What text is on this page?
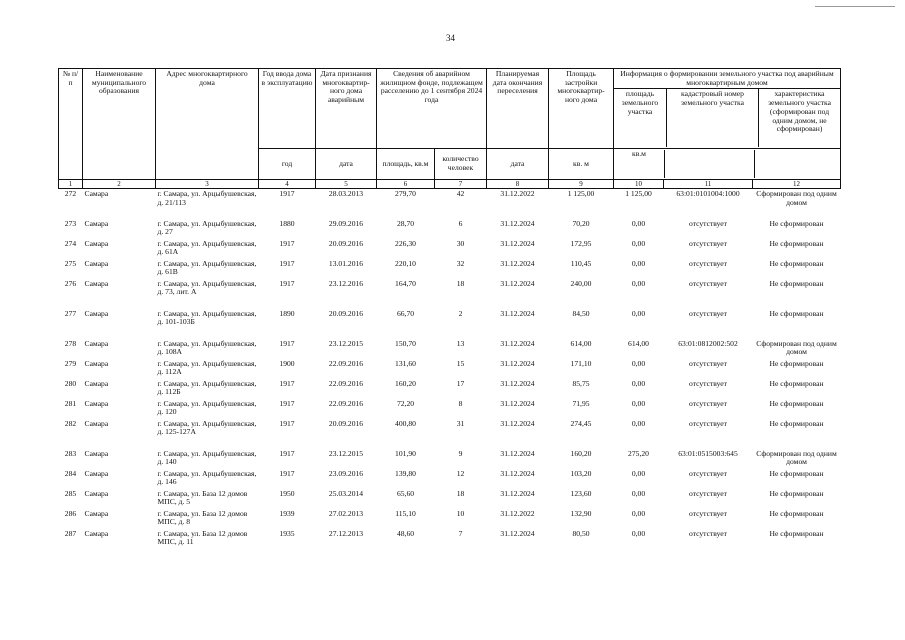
34
№ п/п	Наименование муниципального образования	Адрес многоквартирного дома	Год ввода дома в эксплуатацию	Дата признания многоквартир-ного дома аварийным	Сведения об аварийном жилищном фонде, подлежащем расселению до 1 сентября 2024 года		Планируемая дата окончания переселения	Площадь застройки многоквартир-ного дома	Информация о формировании земельного участка под аварийным многоквартирным домом
площадь земельного участка
кадастровый номер земельного участка
характеристика земельного участка (сформирован под одним домом, не сформирован)		

			год	дата	площадь, кв.м	количество человек	дата	кв. м	кв.м		

1	2	3	4	5	6	7	8	9	10	11	12
272	Самара	г. Самара, ул. Арцыбушевская, д. 21/113	1917	28.03.2013	279,70	42	31.12.2022	1 125,00	1 125,00	63:01:0101004:1000	Сформирован под одним домом
273	Самара	г. Самара, ул. Арцыбушевская, д. 27	1880	29.09.2016	28,70	6	31.12.2024	70,20	0,00	отсутствует	Не сформирован
274	Самара	г. Самара, ул. Арцыбушевская, д. 61А	1917	20.09.2016	226,30	30	31.12.2024	172,95	0,00	отсутствует	Не сформирован
275	Самара	г. Самара, ул. Арцыбушевская, д. 61В	1917	13.01.2016	220,10	32	31.12.2024	110,45	0,00	отсутствует	Не сформирован
276	Самара	г. Самара, ул. Арцыбушевская, д. 73, лит. А	1917	23.12.2016	164,70	18	31.12.2024	240,00	0,00	отсутствует	Не сформирован
277	Самара	г. Самара, ул. Арцыбушевская, д. 101-103Б	1890	20.09.2016	66,70	2	31.12.2024	84,50	0,00	отсутствует	Не сформирован
278	Самара	г. Самара, ул. Арцыбушевская, д. 108А	1917	23.12.2015	150,70	13	31.12.2024	614,00	614,00	63:01:0812002:502	Сформирован под одним домом
279	Самара	г. Самара, ул. Арцыбушевская, д. 112А	1900	22.09.2016	131,60	15	31.12.2024	171,10	0,00	отсутствует	Не сформирован
280	Самара	г. Самара, ул. Арцыбушевская, д. 112Б	1917	22.09.2016	160,20	17	31.12.2024	85,75	0,00	отсутствует	Не сформирован
281	Самара	г. Самара, ул. Арцыбушевская, д. 120	1917	22.09.2016	72,20	8	31.12.2024	71,95	0,00	отсутствует	Не сформирован
282	Самара	г. Самара, ул. Арцыбушевская, д. 125-127А	1917	20.09.2016	400,80	31	31.12.2024	274,45	0,00	отсутствует	Не сформирован
283	Самара	г. Самара, ул. Арцыбушевская, д. 140	1917	23.12.2015	101,90	9	31.12.2024	160,20	275,20	63:01:0515003:645	Сформирован под одним домом
284	Самара	г. Самара, ул. Арцыбушевская, д. 146	1917	23.09.2016	139,80	12	31.12.2024	103,20	0,00	отсутствует	Не сформирован
285	Самара	г. Самара, ул. База 12 домов МПС, д. 5	1950	25.03.2014	65,60	18	31.12.2024	123,60	0,00	отсутствует	Не сформирован
286	Самара	г. Самара, ул. База 12 домов МПС, д. 8	1939	27.02.2013	115,10	10	31.12.2022	132,90	0,00	отсутствует	Не сформирован
287	Самара	г. Самара, ул. База 12 домов МПС, д. 11	1935	27.12.2013	48,60	7	31.12.2024	80,50	0,00	отсутствует	Не сформирован
